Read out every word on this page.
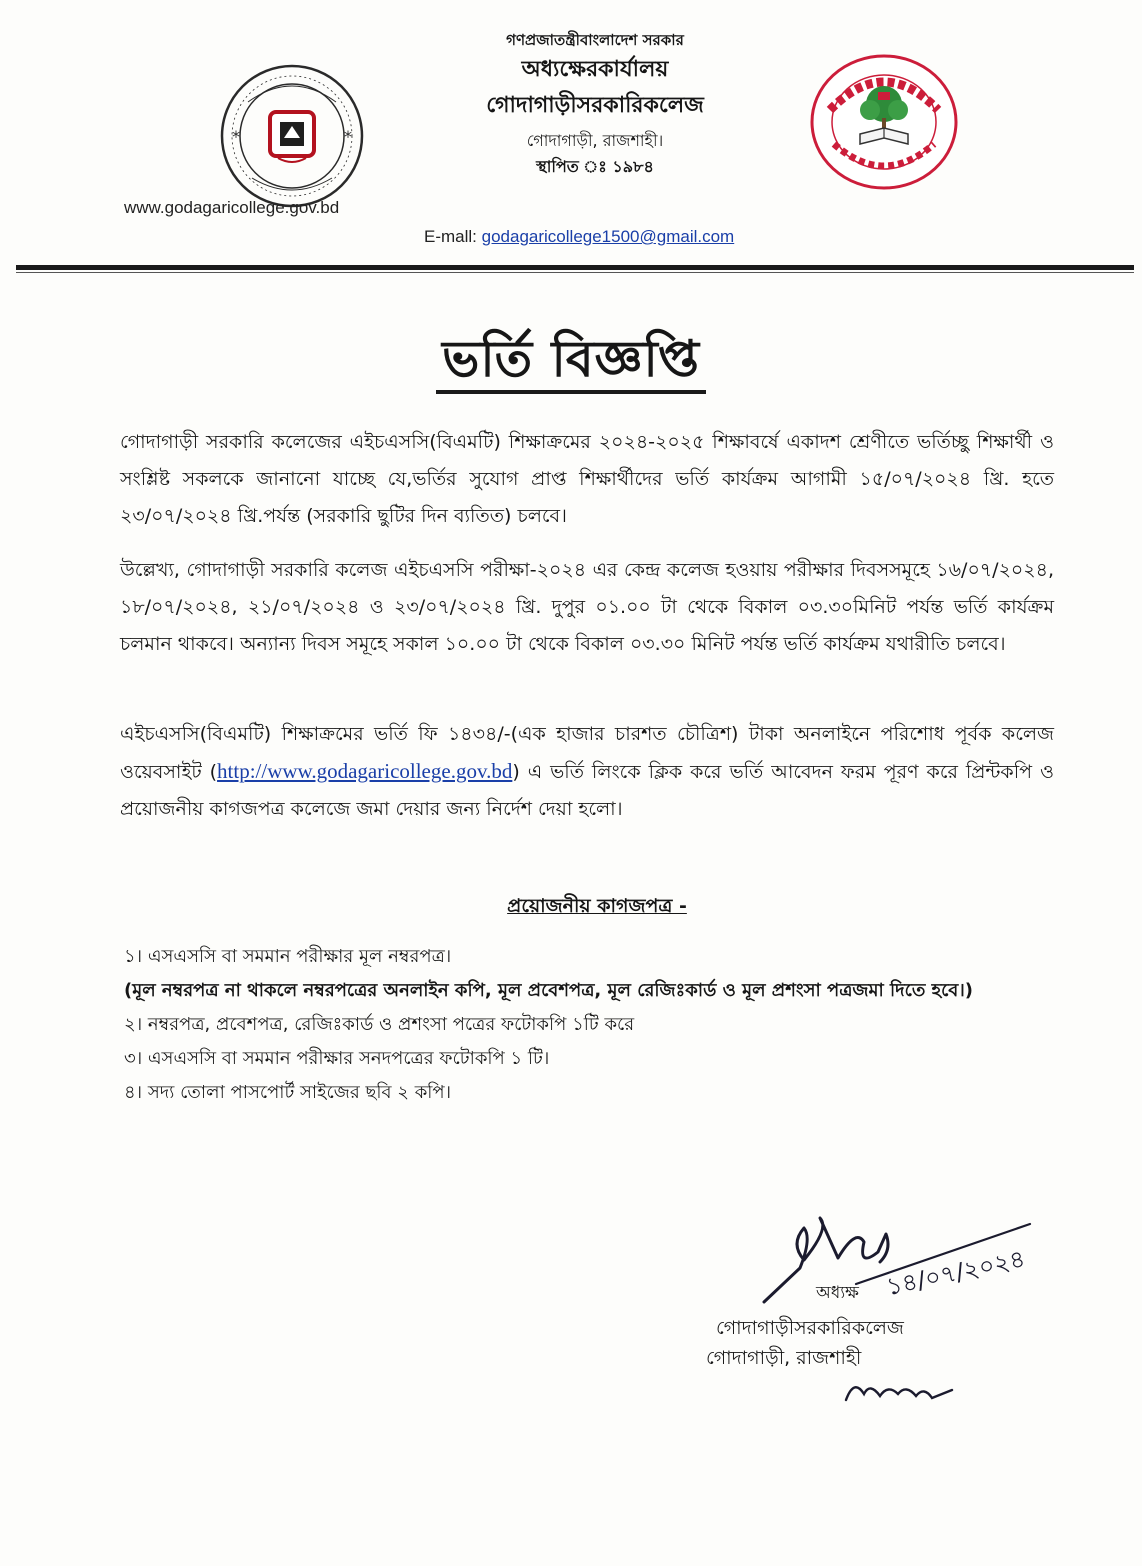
*	*
গণপ্রজাতন্ত্রীবাংলাদেশ সরকার
অধ্যক্ষেরকার্যালয়
গোদাগাড়ীসরকারিকলেজ
গোদাগাড়ী, রাজশাহী।
স্থাপিত ঃ ১৯৮৪
www.godagaricollege.gov.bd
E-mall: godagaricollege1500@gmail.com
ভর্তি বিজ্ঞপ্তি
গোদাগাড়ী সরকারি কলেজের এইচএসসি(বিএমটি) শিক্ষাক্রমের ২০২৪-২০২৫ শিক্ষাবর্ষে একাদশ শ্রেণীতে ভর্তিচ্ছু শিক্ষার্থী ও সংশ্লিষ্ট সকলকে জানানো যাচ্ছে যে,ভর্তির সুযোগ প্রাপ্ত শিক্ষার্থীদের ভর্তি কার্যক্রম আগামী ১৫/০৭/২০২৪ খ্রি. হতে ২৩/০৭/২০২৪ খ্রি.পর্যন্ত (সরকারি ছুটির দিন ব্যতিত) চলবে।
উল্লেখ্য, গোদাগাড়ী সরকারি কলেজ এইচএসসি পরীক্ষা-২০২৪ এর কেন্দ্র কলেজ হওয়ায় পরীক্ষার দিবসসমূহে ১৬/০৭/২০২৪, ১৮/০৭/২০২৪, ২১/০৭/২০২৪ ও ২৩/০৭/২০২৪ খ্রি. দুপুর ০১.০০ টা থেকে বিকাল ০৩.৩০মিনিট পর্যন্ত ভর্তি কার্যক্রম চলমান থাকবে। অন্যান্য দিবস সমূহে সকাল ১০.০০ টা থেকে বিকাল ০৩.৩০ মিনিট পর্যন্ত ভর্তি কার্যক্রম যথারীতি চলবে।
এইচএসসি(বিএমটি) শিক্ষাক্রমের ভর্তি ফি ১৪৩৪/-(এক হাজার চারশত চৌত্রিশ) টাকা অনলাইনে পরিশোধ পূর্বক কলেজ ওয়েবসাইট (http://www.godagaricollege.gov.bd) এ ভর্তি লিংকে ক্লিক করে ভর্তি আবেদন ফরম পূরণ করে প্রিন্টকপি ও প্রয়োজনীয় কাগজপত্র কলেজে জমা দেয়ার জন্য নির্দেশ দেয়া হলো।
প্রয়োজনীয় কাগজপত্র -
১। এসএসসি বা সমমান পরীক্ষার মূল নম্বরপত্র।
(মূল নম্বরপত্র না থাকলে নম্বরপত্রের অনলাইন কপি, মূল প্রবেশপত্র, মূল রেজিঃকার্ড ও মূল প্রশংসা পত্রজমা দিতে হবে।)
২। নম্বরপত্র, প্রবেশপত্র, রেজিঃকার্ড ও প্রশংসা পত্রের ফটোকপি ১টি করে
৩। এসএসসি বা সমমান পরীক্ষার সনদপত্রের ফটোকপি ১ টি।
৪। সদ্য তোলা পাসপোর্ট সাইজের ছবি ২ কপি।
১৪/০৭/২০২৪
অধ্যক্ষ
গোদাগাড়ীসরকারিকলেজ
গোদাগাড়ী, রাজশাহী
